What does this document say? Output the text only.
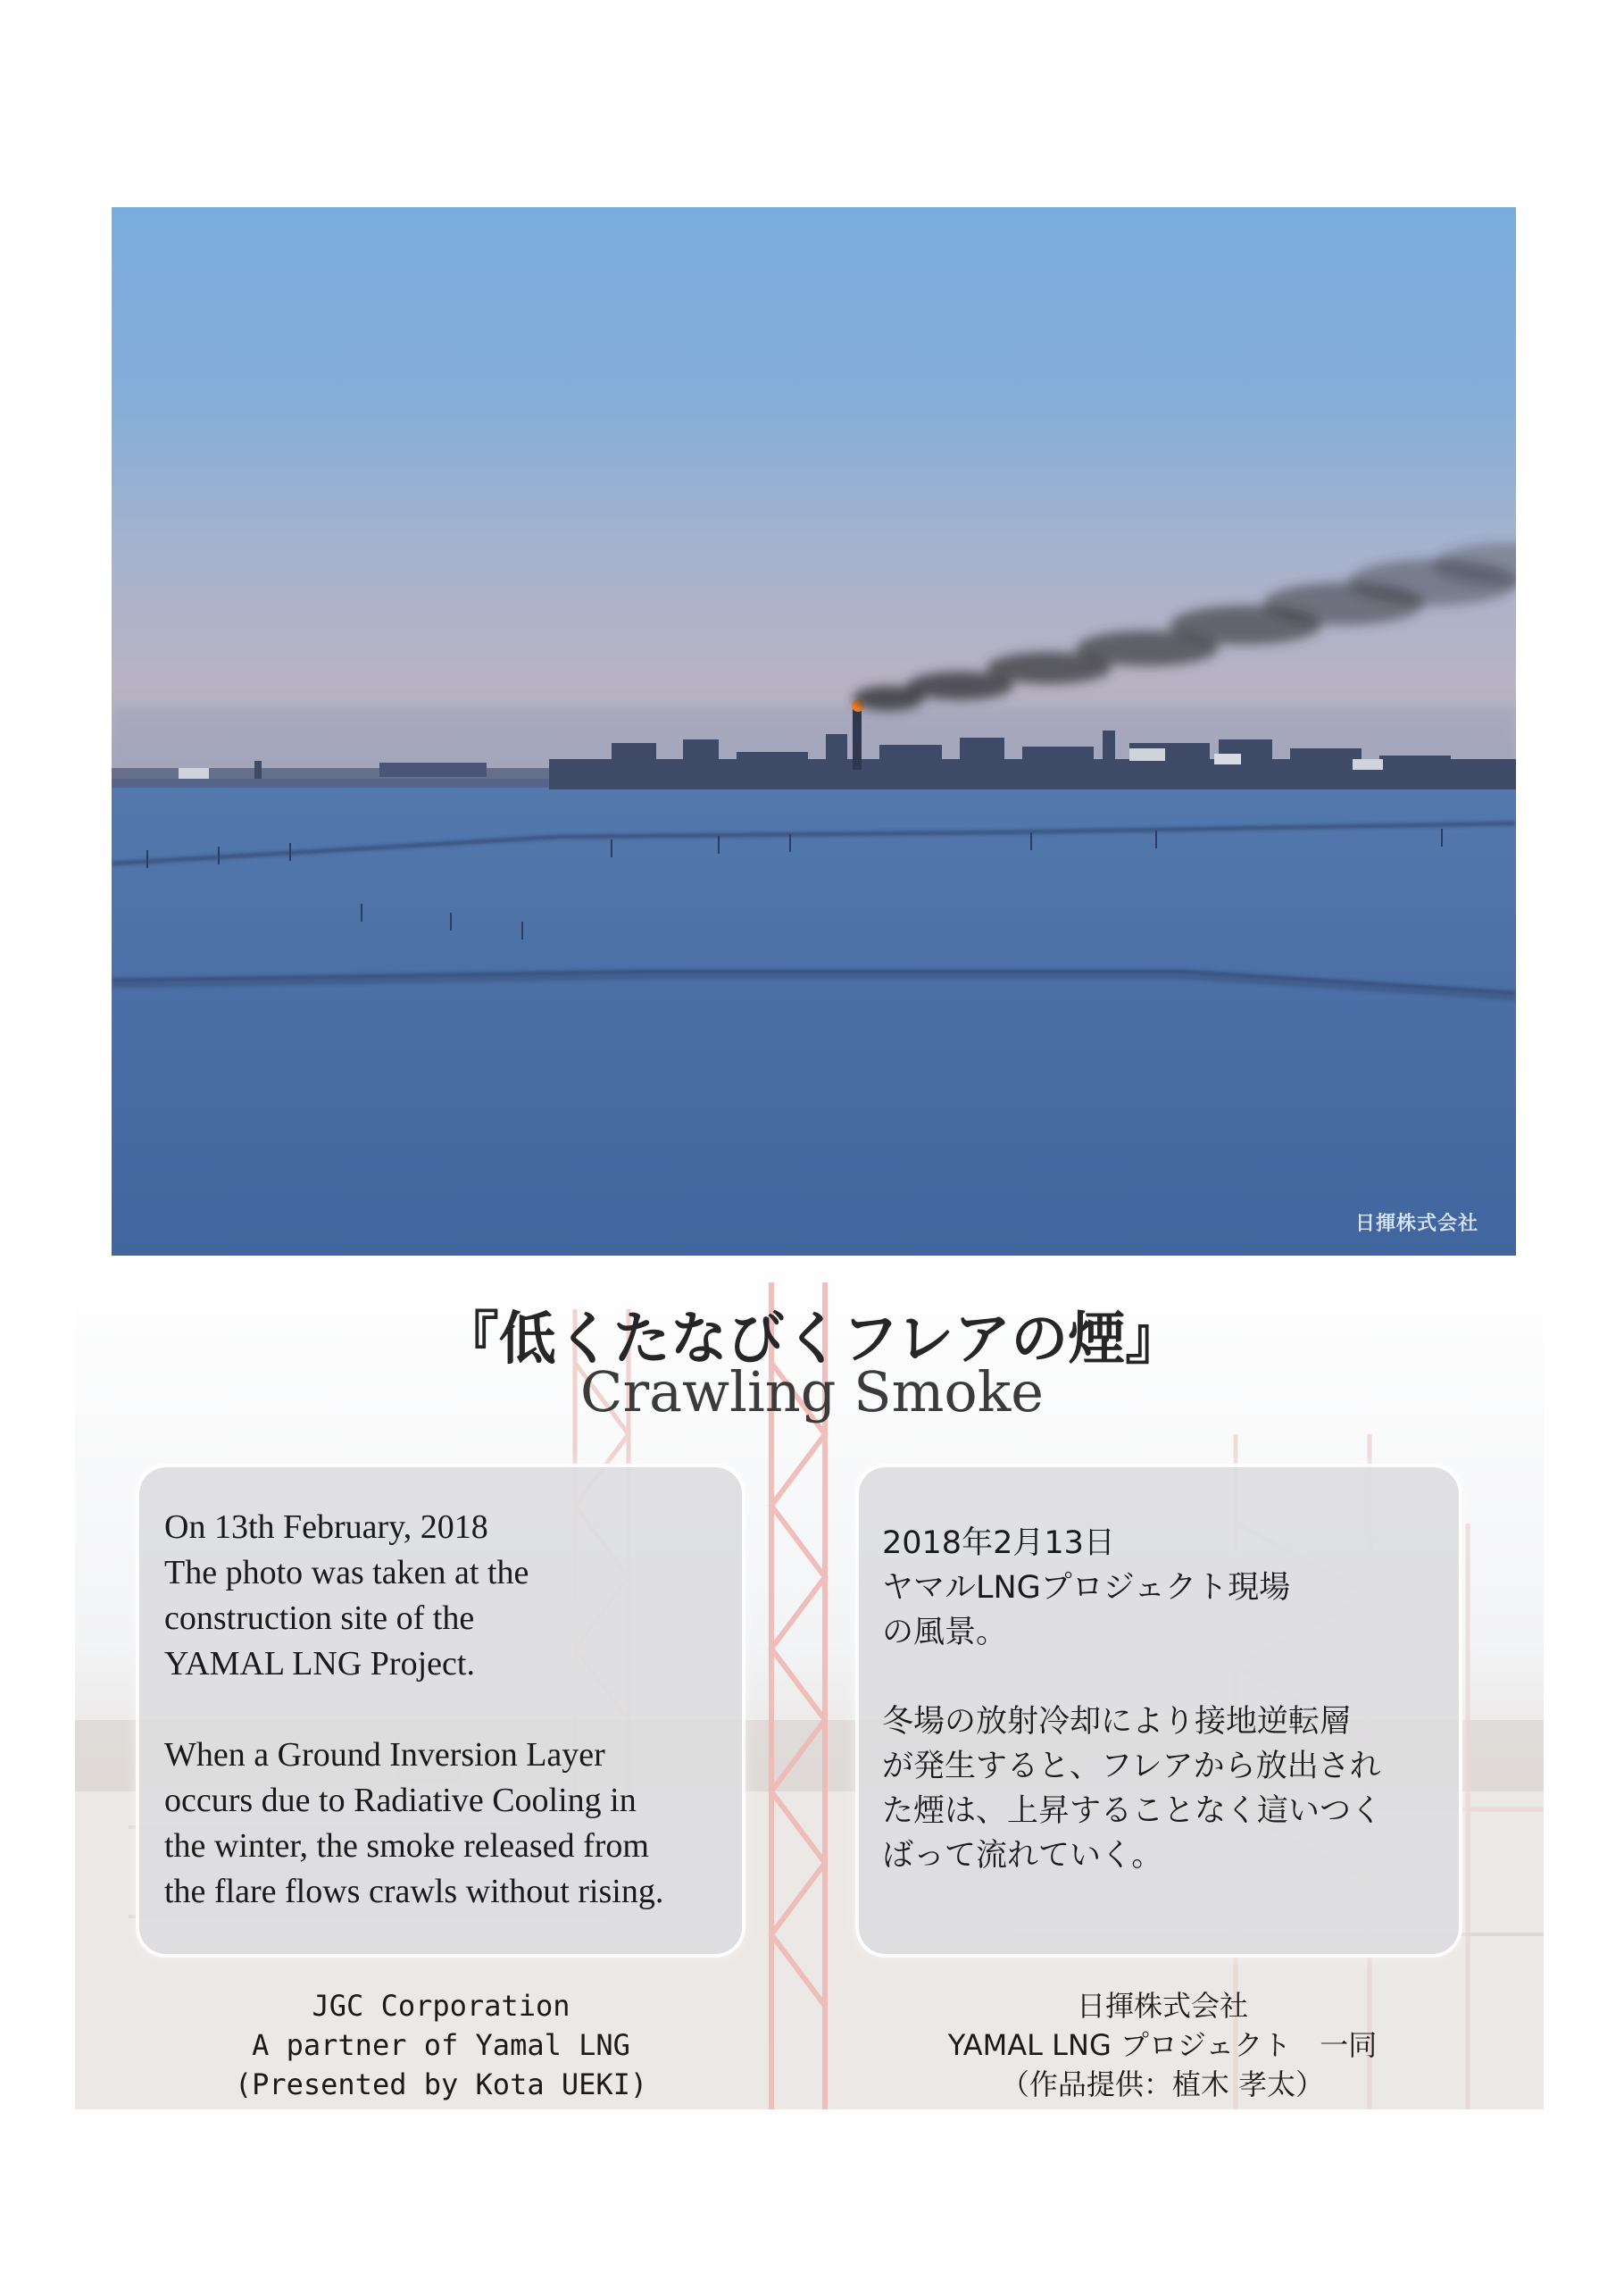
日揮株式会社
『低くたなびくフレアの煙』
Crawling Smoke
On 13th February, 2018
The photo was taken at the
construction site of the
YAMAL LNG Project.
When a Ground Inversion Layer
occurs due to Radiative Cooling in
the winter, the smoke released from
the flare flows crawls without rising.
2018年2月13日
ヤマルLNGプロジェクト現場
の風景。
冬場の放射冷却により接地逆転層
が発生すると、フレアから放出され
た煙は、上昇することなく這いつく
ばって流れていく。
JGC Corporation
A partner of Yamal LNG
(Presented by Kota UEKI)
日揮株式会社
YAMAL LNG プロジェクト　一同
（作品提供：植木 孝太）
